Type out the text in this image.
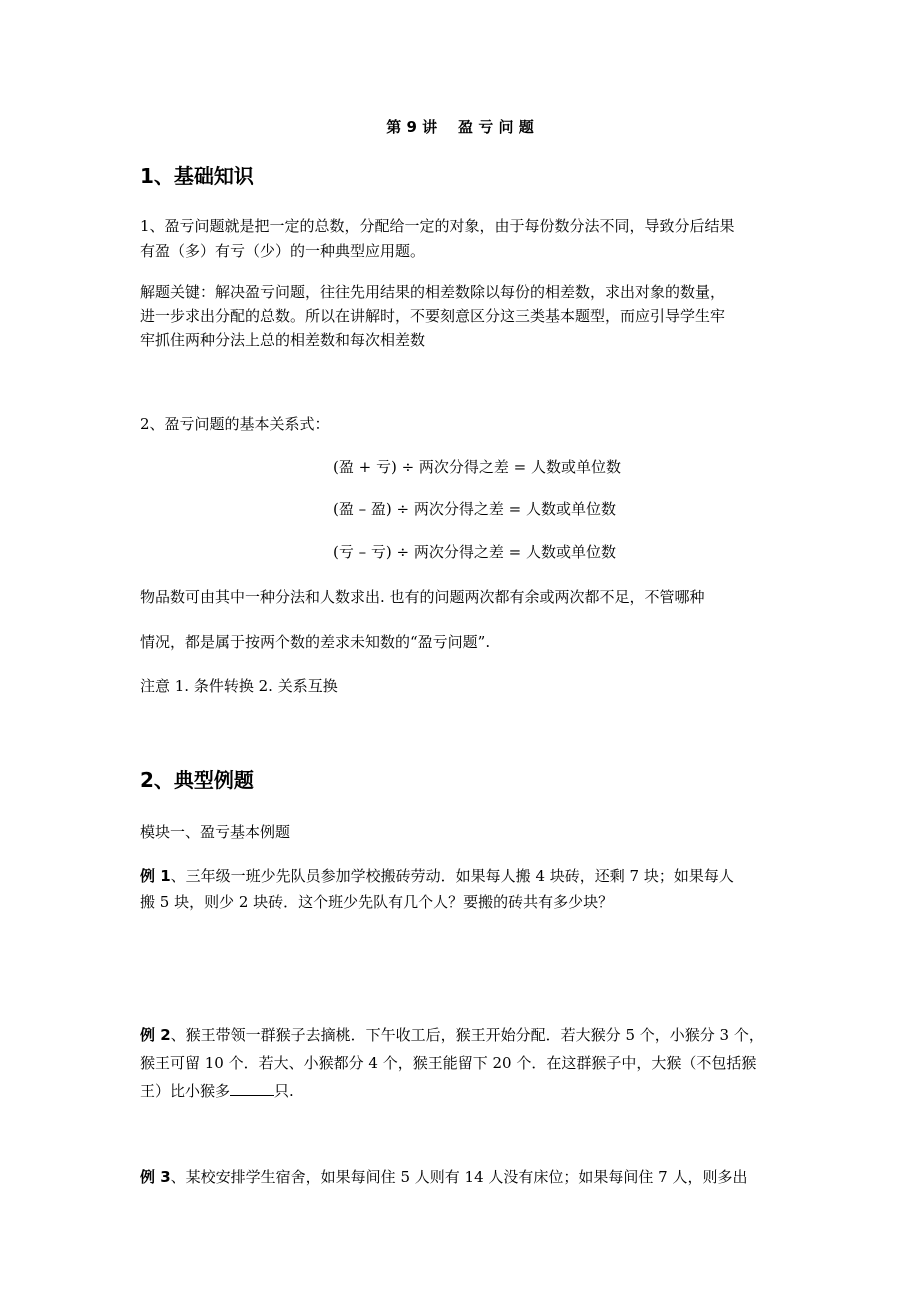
第 9 讲    盈 亏 问 题
1、基础知识
1、盈亏问题就是把一定的总数，分配给一定的对象，由于每份数分法不同，导致分后结果
有盈（多）有亏（少）的一种典型应用题。
解题关键：解决盈亏问题，往往先用结果的相差数除以每份的相差数，求出对象的数量，
进一步求出分配的总数。所以在讲解时，不要刻意区分这三类基本题型，而应引导学生牢
牢抓住两种分法上总的相差数和每次相差数
2、盈亏问题的基本关系式：
(盈 + 亏) ÷ 两次分得之差 = 人数或单位数
(盈 – 盈) ÷ 两次分得之差 = 人数或单位数
(亏 – 亏) ÷ 两次分得之差 = 人数或单位数
物品数可由其中一种分法和人数求出. 也有的问题两次都有余或两次都不足，不管哪种
情况，都是属于按两个数的差求未知数的“盈亏问题”.
注意 1. 条件转换 2. 关系互换
2、典型例题
模块一、盈亏基本例题
例 1、三年级一班少先队员参加学校搬砖劳动．如果每人搬 4 块砖，还剩 7 块；如果每人
搬 5 块，则少 2 块砖．这个班少先队有几个人？要搬的砖共有多少块？
例 2、猴王带领一群猴子去摘桃．下午收工后，猴王开始分配．若大猴分 5 个，小猴分 3 个，
猴王可留 10 个．若大、小猴都分 4 个，猴王能留下 20 个．在这群猴子中，大猴（不包括猴
王）比小猴多	只.
例 3、某校安排学生宿舍，如果每间住 5 人则有 14 人没有床位；如果每间住 7 人，则多出
